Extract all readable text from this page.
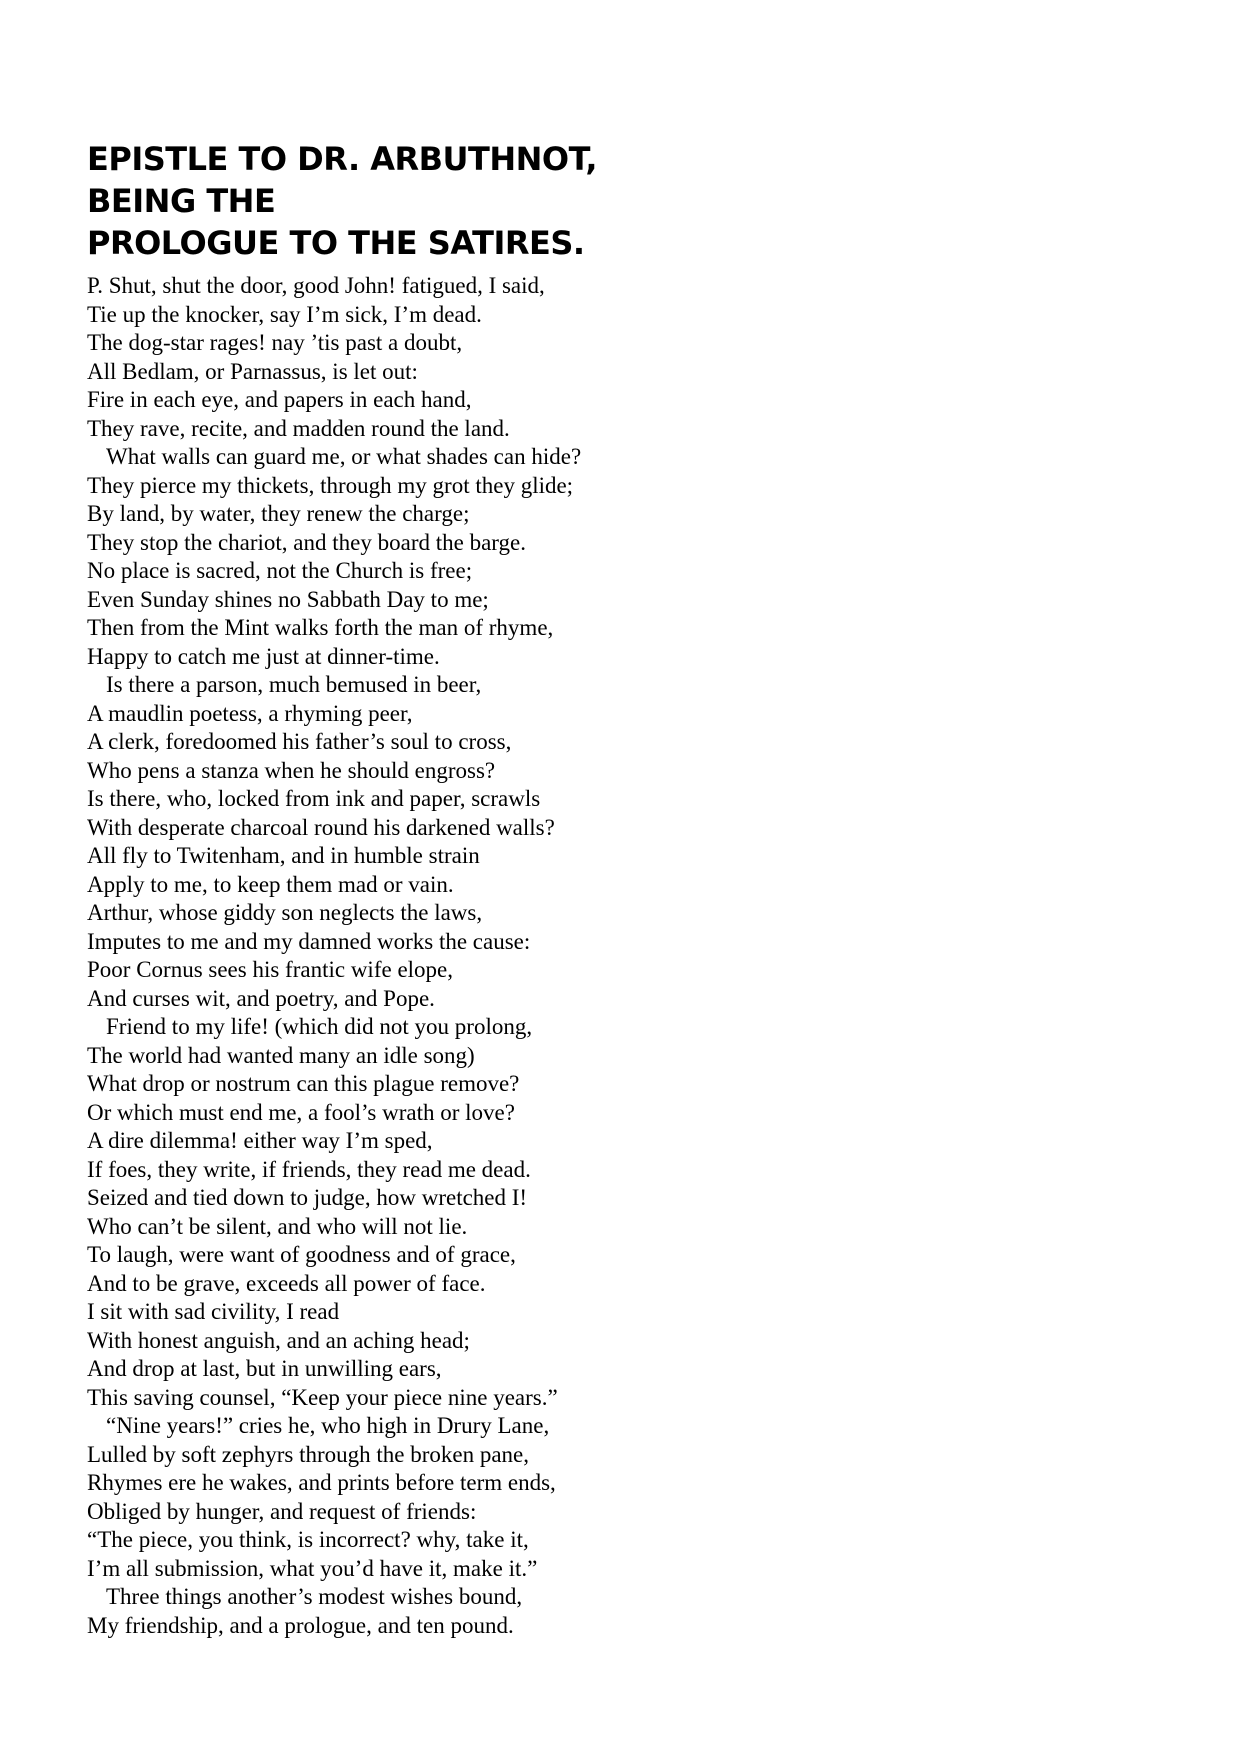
EPISTLE TO DR. ARBUTHNOT,
BEING THE
PROLOGUE TO THE SATIRES.
P. Shut, shut the door, good John! fatigued, I said,
Tie up the knocker, say I’m sick, I’m dead.
The dog-star rages! nay ’tis past a doubt,
All Bedlam, or Parnassus, is let out:
Fire in each eye, and papers in each hand,
They rave, recite, and madden round the land.
What walls can guard me, or what shades can hide?
They pierce my thickets, through my grot they glide;
By land, by water, they renew the charge;
They stop the chariot, and they board the barge.
No place is sacred, not the Church is free;
Even Sunday shines no Sabbath Day to me;
Then from the Mint walks forth the man of rhyme,
Happy to catch me just at dinner-time.
Is there a parson, much bemused in beer,
A maudlin poetess, a rhyming peer,
A clerk, foredoomed his father’s soul to cross,
Who pens a stanza when he should engross?
Is there, who, locked from ink and paper, scrawls
With desperate charcoal round his darkened walls?
All fly to Twitenham, and in humble strain
Apply to me, to keep them mad or vain.
Arthur, whose giddy son neglects the laws,
Imputes to me and my damned works the cause:
Poor Cornus sees his frantic wife elope,
And curses wit, and poetry, and Pope.
Friend to my life! (which did not you prolong,
The world had wanted many an idle song)
What drop or nostrum can this plague remove?
Or which must end me, a fool’s wrath or love?
A dire dilemma! either way I’m sped,
If foes, they write, if friends, they read me dead.
Seized and tied down to judge, how wretched I!
Who can’t be silent, and who will not lie.
To laugh, were want of goodness and of grace,
And to be grave, exceeds all power of face.
I sit with sad civility, I read
With honest anguish, and an aching head;
And drop at last, but in unwilling ears,
This saving counsel, “Keep your piece nine years.”
“Nine years!” cries he, who high in Drury Lane,
Lulled by soft zephyrs through the broken pane,
Rhymes ere he wakes, and prints before term ends,
Obliged by hunger, and request of friends:
“The piece, you think, is incorrect? why, take it,
I’m all submission, what you’d have it, make it.”
Three things another’s modest wishes bound,
My friendship, and a prologue, and ten pound.
